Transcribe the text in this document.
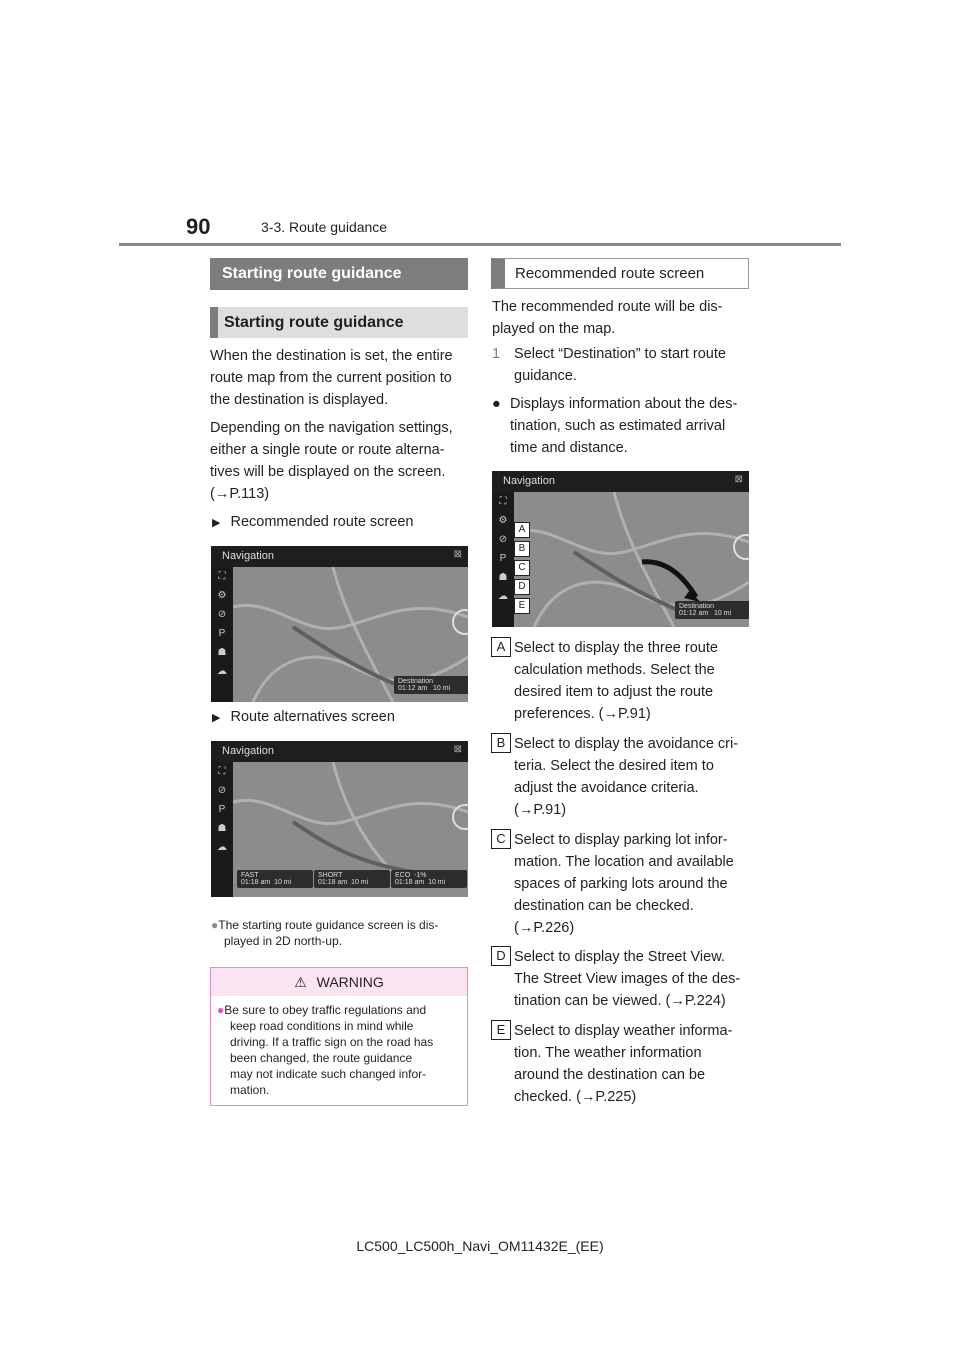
90	3-3. Route guidance
Starting route guidance
Starting route guidance
When the destination is set, the entire
route map from the current position to
the destination is displayed.
Depending on the navigation settings,
either a single route or route alterna-
tives will be displayed on the screen.
(→P.113)
▶ Recommended route screen
Navigation	⊠
⛶
⚙
⊘
P
☗
☁
Destination
01:12 am 10 mi
▶ Route alternatives screen
Navigation	⊠
⛶
⊘
P
☗
☁
FAST
01:18 am 10 mi
SHORT
01:18 am 10 mi
ECO -1%
01:18 am 10 mi
●The starting route guidance screen is dis-
played in 2D north-up.
⚠ WARNING
●Be sure to obey traffic regulations and
keep road conditions in mind while
driving. If a traffic sign on the road has
been changed, the route guidance
may not indicate such changed infor-
mation.
Recommended route screen
The recommended route will be dis-
played on the map.
1 Select “Destination” to start route
guidance.
● Displays information about the des-
tination, such as estimated arrival
time and distance.
Navigation	⊠
⛶
⚙
⊘
P
☗
☁
Destination
01:12 am 10 mi
A
B
C
D
E
A Select to display the three route
calculation methods. Select the
desired item to adjust the route
preferences. (→P.91)
B Select to display the avoidance cri-
teria. Select the desired item to
adjust the avoidance criteria.
(→P.91)
C Select to display parking lot infor-
mation. The location and available
spaces of parking lots around the
destination can be checked.
(→P.226)
D Select to display the Street View.
The Street View images of the des-
tination can be viewed. (→P.224)
E Select to display weather informa-
tion. The weather information
around the destination can be
checked. (→P.225)
LC500_LC500h_Navi_OM11432E_(EE)
